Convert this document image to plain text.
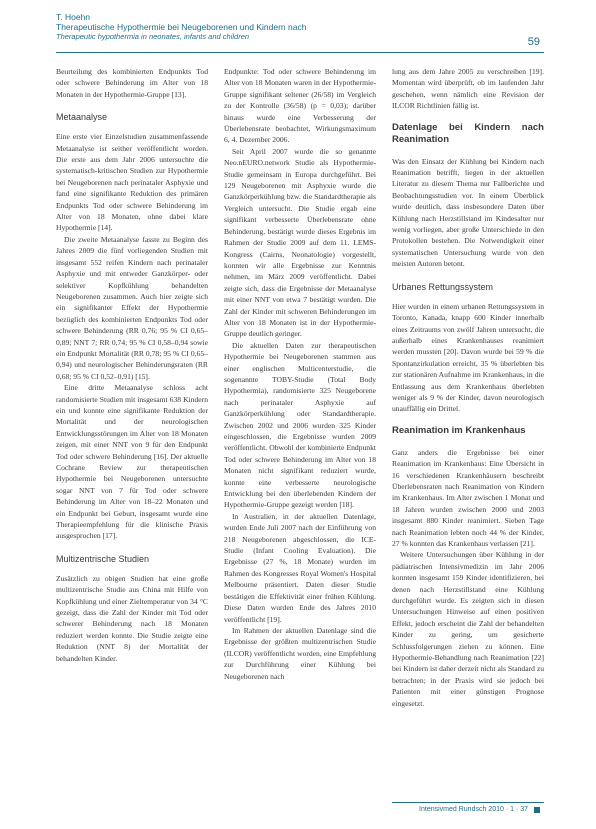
T. Hoehn
Therapeutische Hypothermie bei Neugeborenen und Kindern nach
Therapeutic hypothermia in neonates, infants and children	59

Beurteilung des kombinierten Endpunkts Tod oder schwere Behinderung im Alter von 18 Monaten in der Hypothermie-Gruppe [13].

Metaanalyse

Eine erste vier Einzelstudien zusammenfassende Metaanalyse ist seither veröffentlicht worden. Die erste aus dem Jahr 2006 untersuchte die systematisch-kritischen Studien zur Hypothermie bei Neugeborenen nach perinataler Asphyxie und fand eine signifikante Reduktion des primären Endpunkts Tod oder schwere Behinderung im Alter von 18 Monaten, ohne dabei klare Hypothermie [14].

Die zweite Metaanalyse fasste zu Beginn des Jahres 2009 die fünf vorliegenden Studien mit insgesamt 552 reifen Kindern nach perinataler Asphyxie und mit entweder Ganzkörper- oder selektiver Kopfkühlung behandelten Neugeborenen zusammen. Auch hier zeigte sich ein signifikanter Effekt der Hypothermie bezüglich des kombinierten Endpunkts Tod oder schwere Behinderung (RR 0,76; 95 % CI 0,65–0,89; NNT 7; RR 0,74; 95 % CI 0,58–0,94 sowie ein Endpunkt Mortalität (RR 0,78; 95 % CI 0,65–0,94) und neurologischer Behinderungsraten (RR 0,68; 95 % CI 0,52–0,91) [15].

Eine dritte Metaanalyse schloss acht randomisierte Studien mit insgesamt 638 Kindern ein und konnte eine signifikante Reduktion der Mortalität und der neurologischen Entwicklungsstörungen im Alter von 18 Monaten zeigen, mit einer NNT von 9 für den Endpunkt Tod oder schwere Behinderung [16]. Der aktuelle Cochrane Review zur therapeutischen Hypothermie bei Neugeborenen untersuchte sogar NNT von 7 für Tod oder schwere Behinderung im Alter von 18–22 Monaten und ein Endpunkt bei Geburt, insgesamt wurde eine Therapieempfehlung für die klinische Praxis ausgesprochen [17].

Multizentrische Studien

Zusätzlich zu obigen Studien hat eine große multizentrische Studie aus China mit Hilfe von Kopfkühlung und einer Zieltemperatur von 34 °C gezeigt, dass die Zahl der Kinder mit Tod oder schwerer Behinderung nach 18 Monaten reduziert werden konnte. Die Studie zeigte eine Reduktion (NNT 8) der Mortalität der behandelten Kinder.

Endpunkte: Tod oder schwere Behinderung im Alter von 18 Monaten waren in der Hypothermie-Gruppe signifikant seltener (26/58) im Vergleich zu der Kontrolle (36/58) (p = 0,03); darüber hinaus wurde eine Verbesserung der Überlebensrate beobachtet, Wirkungsmaximum 6, 4. Dezember 2006.

Seit April 2007 wurde die so genannte Neo.nEURO.network Studie als Hypothermie-Studie gemeinsam in Europa durchgeführt. Bei 129 Neugeborenen mit Asphyxie wurde die Ganzkörperkühlung bzw. die Standardtherapie als Vergleich untersucht. Die Studie ergab eine signifikant verbesserte Überlebensrate ohne Behinderung, bestätigt wurde dieses Ergebnis im Rahmen der Studie 2009 auf dem 11. LEMS-Kongress (Cairns, Neonatologie) vorgestellt, konnten wir alle Ergebnisse zur Kenntnis nehmen, im März 2009 veröffentlicht. Dabei zeigte sich, dass die Ergebnisse der Metaanalyse mit einer NNT von etwa 7 bestätigt wurden. Die Zahl der Kinder mit schweren Behinderungen im Alter von 18 Monaten ist in der Hypothermie-Gruppe deutlich geringer.

Die aktuellen Daten zur therapeutischen Hypothermie bei Neugeborenen stammen aus einer englischen Multicenterstudie, die sogenannte TOBY-Studie (Total Body Hypothermia), randomisierte 325 Neugeborene nach perinataler Asphyxie auf Ganzkörperkühlung oder Standardtherapie. Zwischen 2002 und 2006 wurden 325 Kinder eingeschlossen, die Ergebnisse wurden 2009 veröffentlicht. Obwohl der kombinierte Endpunkt Tod oder schwere Behinderung im Alter von 18 Monaten nicht signifikant reduziert wurde, konnte eine verbesserte neurologische Entwicklung bei den überlebenden Kindern der Hypothermie-Gruppe gezeigt werden [18].

In Australien, in der aktuellen Datenlage, wurden Ende Juli 2007 nach der Einführung von 218 Neugeborenen abgeschlossen, die ICE-Studie (Infant Cooling Evaluation). Die Ergebnisse (27 %, 18 Monate) wurden im Rahmen des Kongresses Royal Women's Hospital Melbourne präsentiert. Daten dieser Studie bestätigen die Effektivität einer frühen Kühlung. Diese Daten wurden Ende des Jahres 2010 veröffentlicht [19].

Im Rahmen der aktuellen Datenlage sind die Ergebnisse der größten multizentrischen Studie (ILCOR) veröffentlicht worden, eine Empfehlung zur Durchführung einer Kühlung bei Neugeborenen nach

lung aus dem Jahre 2005 zu verschreiben [19]. Momentan wird überprüft, ob im laufenden Jahr geschehen, wenn nämlich eine Revision der ILCOR Richtlinien fällig ist.

Datenlage bei Kindern nach Reanimation

Was den Einsatz der Kühlung bei Kindern nach Reanimation betrifft, liegen in der aktuellen Literatur zu diesem Thema nur Fallberichte und Beobachtungsstudien vor. In einem Überblick wurde deutlich, dass insbesondere Daten über Kühlung nach Herzstillstand im Kindesalter nur wenig vorliegen, aber große Unterschiede in den Protokollen bestehen. Die Notwendigkeit einer systematischen Untersuchung wurde von den meisten Autoren betont.

Urbanes Rettungssystem

Hier wurden in einem urbanen Rettungssystem in Toronto, Kanada, knapp 600 Kinder innerhalb eines Zeitraums von zwölf Jahren untersucht, die außerhalb eines Krankenhauses reanimiert werden mussten [20]. Davon wurde bei 59 % die Spontanzirkulation erreicht, 35 % überlebten bis zur stationären Aufnahme im Krankenhaus, in die Entlassung aus dem Krankenhaus überlebten weniger als 9 % der Kinder, davon neurologisch unauffällig ein Drittel.

Reanimation im Krankenhaus

Ganz anders die Ergebnisse bei einer Reanimation im Krankenhaus: Eine Übersicht in 16 verschiedenen Krankenhäusern beschreibt Überlebensraten nach Reanimation von Kindern im Krankenhaus. Im Alter zwischen 1 Monat und 18 Jahren wurden zwischen 2000 und 2003 insgesamt 880 Kinder reanimiert. Sieben Tage nach Reanimation lebten noch 44 % der Kinder, 27 % konnten das Krankenhaus verlassen [21].

Weitere Untersuchungen über Kühlung in der pädiatrischen Intensivmedizin im Jahr 2006 konnten insgesamt 159 Kinder identifizieren, bei denen nach Herzstillstand eine Kühlung durchgeführt wurde. Es zeigten sich in diesen Untersuchungen Hinweise auf einen positiven Effekt, jedoch erscheint die Zahl der behandelten Kinder zu gering, um gesicherte Schlussfolgerungen ziehen zu können. Eine Hypothermie-Behandlung nach Reanimation [22] bei Kindern ist daher derzeit nicht als Standard zu betrachten; in der Praxis wird sie jedoch bei Patienten mit einer günstigen Prognose eingesetzt.

Intensivmed Rundsch 2010 · 1 · 37
